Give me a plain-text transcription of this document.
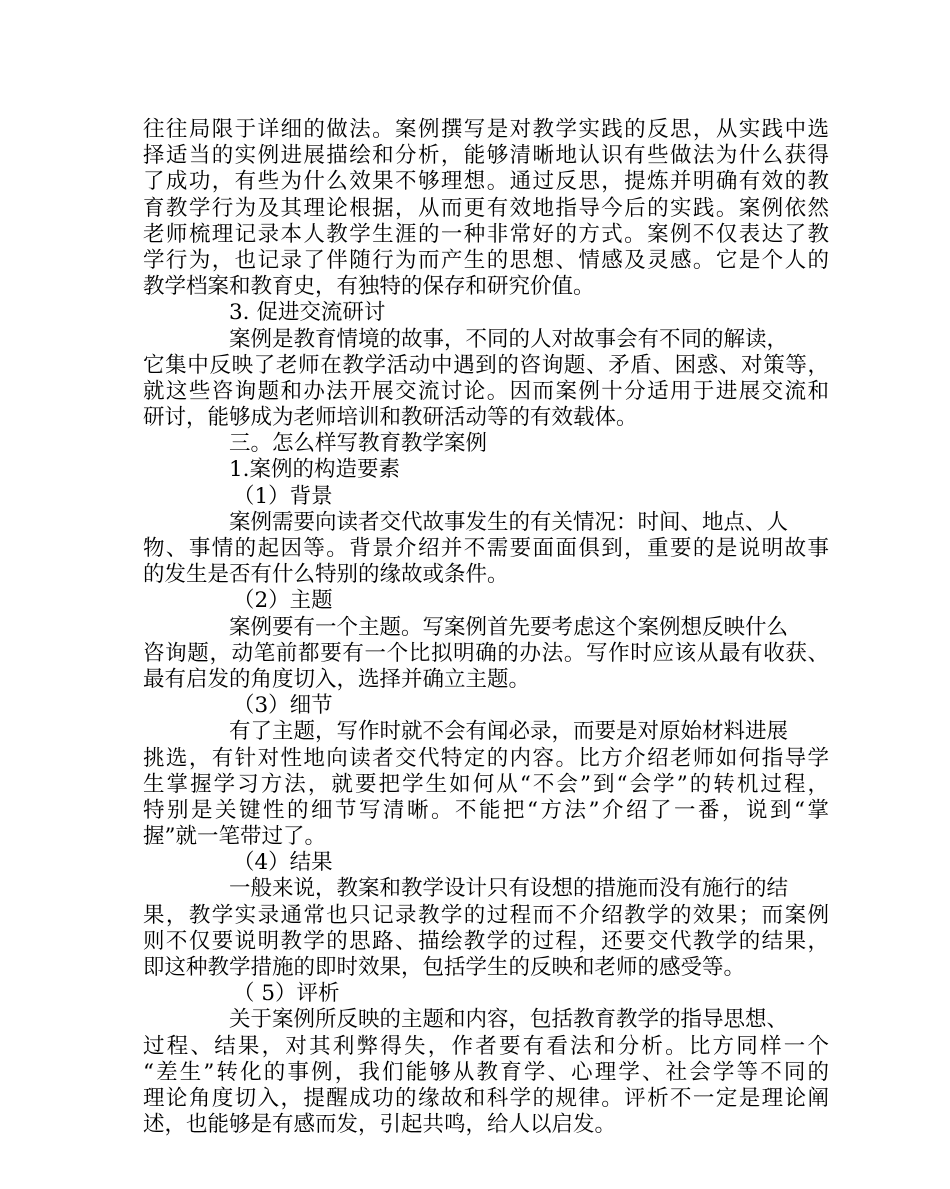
往往局限于详细的做法。案例撰写是对教学实践的反思，从实践中选
择适当的实例进展描绘和分析，能够清晰地认识有些做法为什么获得
了成功，有些为什么效果不够理想。通过反思，提炼并明确有效的教
育教学行为及其理论根据，从而更有效地指导今后的实践。案例依然
老师梳理记录本人教学生涯的一种非常好的方式。案例不仅表达了教
学行为，也记录了伴随行为而产生的思想、情感及灵感。它是个人的
教学档案和教育史，有独特的保存和研究价值。
3. 促进交流研讨
案例是教育情境的故事，不同的人对故事会有不同的解读，
它集中反映了老师在教学活动中遇到的咨询题、矛盾、困惑、对策等，
就这些咨询题和办法开展交流讨论。因而案例十分适用于进展交流和
研讨，能够成为老师培训和教研活动等的有效载体。
三。怎么样写教育教学案例
1.案例的构造要素
（1）背景
案例需要向读者交代故事发生的有关情况：时间、地点、人
物、事情的起因等。背景介绍并不需要面面俱到，重要的是说明故事
的发生是否有什么特别的缘故或条件。
（2）主题
案例要有一个主题。写案例首先要考虑这个案例想反映什么
咨询题，动笔前都要有一个比拟明确的办法。写作时应该从最有收获、
最有启发的角度切入，选择并确立主题。
（3）细节
有了主题，写作时就不会有闻必录，而要是对原始材料进展
挑选，有针对性地向读者交代特定的内容。比方介绍老师如何指导学
生掌握学习方法，就要把学生如何从“不会”到“会学”的转机过程，
特别是关键性的细节写清晰。不能把“方法”介绍了一番，说到“掌
握”就一笔带过了。
（4）结果
一般来说，教案和教学设计只有设想的措施而没有施行的结
果，教学实录通常也只记录教学的过程而不介绍教学的效果；而案例
则不仅要说明教学的思路、描绘教学的过程，还要交代教学的结果，
即这种教学措施的即时效果，包括学生的反映和老师的感受等。
（ 5）评析
关于案例所反映的主题和内容，包括教育教学的指导思想、
过程、结果，对其利弊得失，作者要有看法和分析。比方同样一个
“差生”转化的事例，我们能够从教育学、心理学、社会学等不同的
理论角度切入，提醒成功的缘故和科学的规律。评析不一定是理论阐
述，也能够是有感而发，引起共鸣，给人以启发。
